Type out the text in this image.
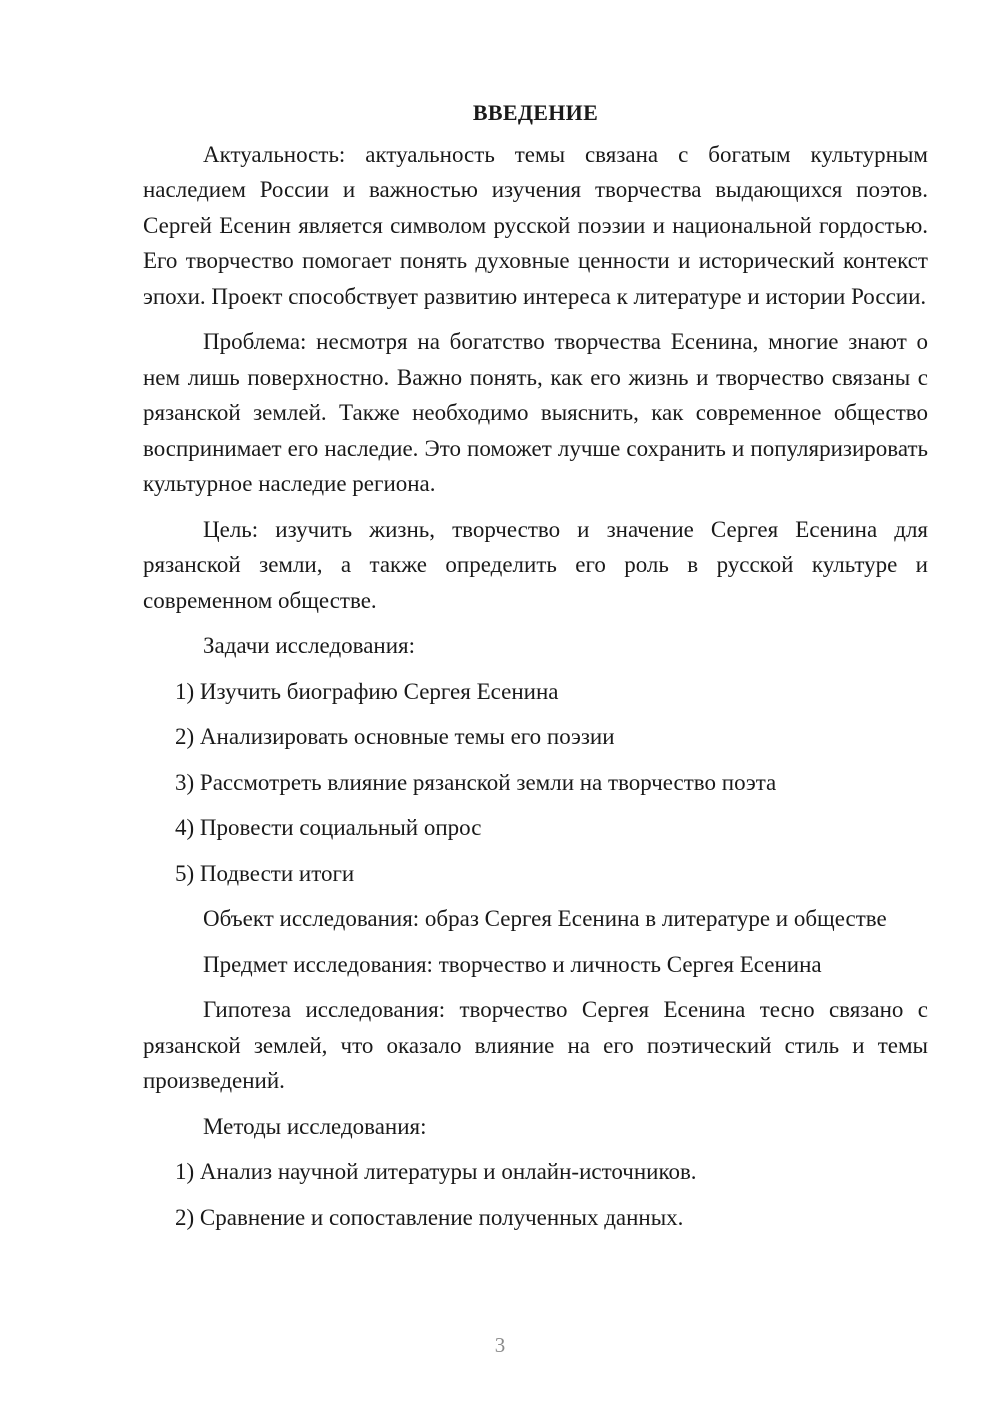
ВВЕДЕНИЕ

Актуальность: актуальность темы связана с богатым культурным наследием России и важностью изучения творчества выдающихся поэтов. Сергей Есенин является символом русской поэзии и национальной гордостью. Его творчество помогает понять духовные ценности и исторический контекст эпохи. Проект способствует развитию интереса к литературе и истории России.

Проблема: несмотря на богатство творчества Есенина, многие знают о нем лишь поверхностно. Важно понять, как его жизнь и творчество связаны с рязанской землей. Также необходимо выяснить, как современное общество воспринимает его наследие. Это поможет лучше сохранить и популяризировать культурное наследие региона.

Цель: изучить жизнь, творчество и значение Сергея Есенина для рязанской земли, а также определить его роль в русской культуре и современном обществе.

Задачи исследования:

1) Изучить биографию Сергея Есенина

2) Анализировать основные темы его поэзии

3) Рассмотреть влияние рязанской земли на творчество поэта

4) Провести социальный опрос

5) Подвести итоги

Объект исследования: образ Сергея Есенина в литературе и обществе

Предмет исследования: творчество и личность Сергея Есенина

Гипотеза исследования: творчество Сергея Есенина тесно связано с рязанской землей, что оказало влияние на его поэтический стиль и темы произведений.

Методы исследования:

1) Анализ научной литературы и онлайн-источников.

2) Сравнение и сопоставление полученных данных.

3
